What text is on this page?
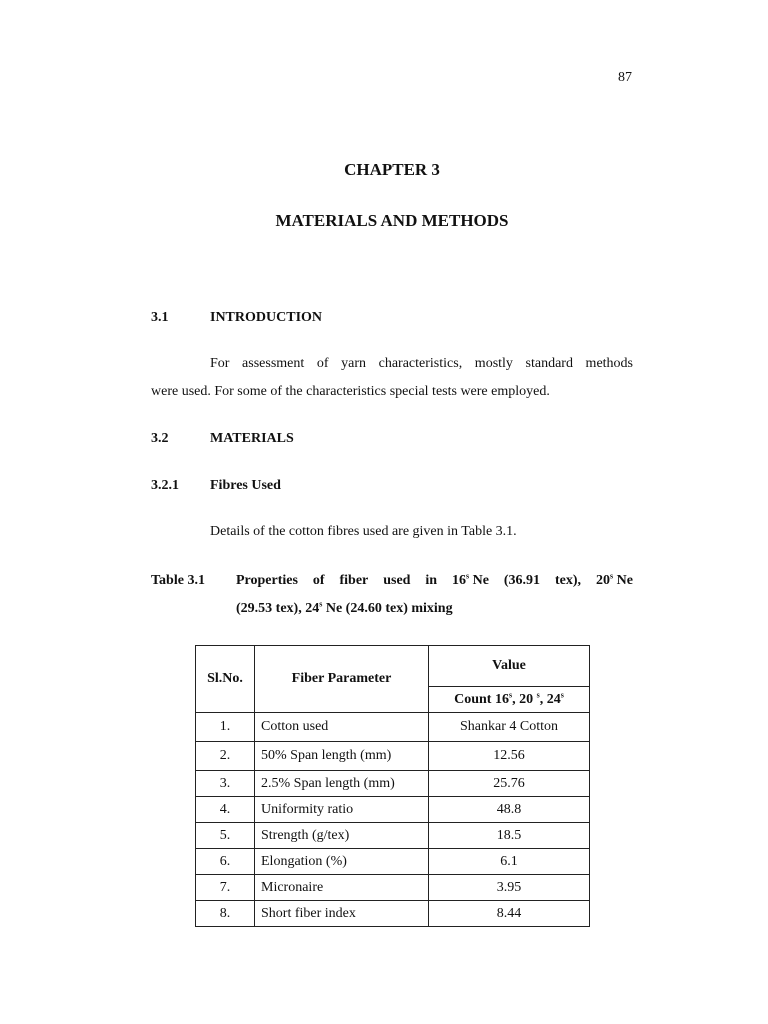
87
CHAPTER 3
MATERIALS AND METHODS
3.1	INTRODUCTION
For assessment of yarn characteristics, mostly standard methods
were used. For some of the characteristics special tests were employed.
3.2	MATERIALS
3.2.1 Fibres Used
Details of the cotton fibres used are given in Table 3.1.
Table 3.1 Properties of fiber used in 16$^s$ Ne (36.91 tex), 20$^s$ Ne
(29.53 tex), 24$^s$ Ne (24.60 tex) mixing
Sl.No.	Fiber Parameter	Value
		Count 16$^s$, 20 $^s$, 24$^s$
1.	Cotton used	Shankar 4 Cotton
2.	50% Span length (mm)	12.56
3.	2.5% Span length (mm)	25.76
4.	Uniformity ratio	48.8
5.	Strength (g/tex)	18.5
6.	Elongation (%)	6.1
7.	Micronaire	3.95
8.	Short fiber index	8.44
